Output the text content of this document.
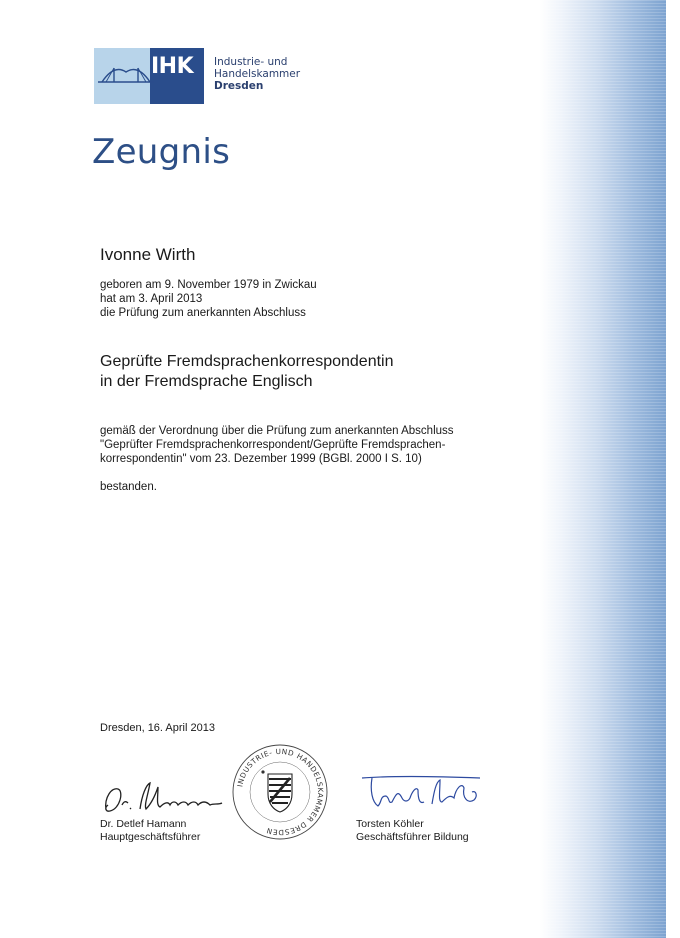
IHK	Industrie- und Handelskammer
Dresden
Zeugnis
Ivonne Wirth
geboren am 9. November 1979 in Zwickau
hat am 3. April 2013
die Prüfung zum anerkannten Abschluss
Geprüfte Fremdsprachenkorrespondentin
in der Fremdsprache Englisch
gemäß der Verordnung über die Prüfung zum anerkannten Abschluss
"Geprüfter Fremdsprachenkorrespondent/Geprüfte Fremdsprachen-
korrespondentin" vom 23. Dezember 1999 (BGBl. 2000 I S. 10)
bestanden.
Dresden, 16. April 2013
Dr. Detlef Hamann
Hauptgeschäftsführer
Torsten Köhler
Geschäftsführer Bildung
INDUSTRIE- UND HANDELSKAMMER DRESDEN
